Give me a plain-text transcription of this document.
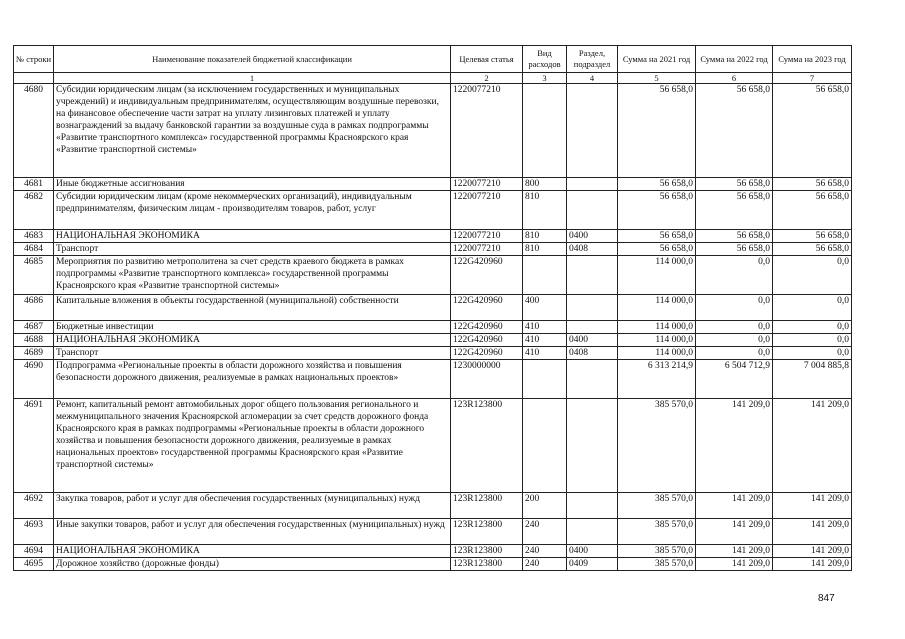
№ строки	Наименование показателей бюджетной классификации	Целевая статья	Вид расходов	Раздел, подраздел	Сумма на 2021 год	Сумма на 2022 год	Сумма на 2023 год
	1	2	3	4	5	6	7
4680	Субсидии юридическим лицам (за исключением государственных и муниципальных учреждений) и индивидуальным предпринимателям, осуществляющим воздушные перевозки, на финансовое обеспечение части затрат на уплату лизинговых платежей и уплату вознаграждений за выдачу банковской гарантии за воздушные суда в рамках подпрограммы «Развитие транспортного комплекса» государственной программы Красноярского края «Развитие транспортной системы»	1220077210			56 658,0	56 658,0	56 658,0
4681	Иные бюджетные ассигнования	1220077210	800		56 658,0	56 658,0	56 658,0
4682	Субсидии юридическим лицам (кроме некоммерческих организаций), индивидуальным предпринимателям, физическим лицам - производителям товаров, работ, услуг	1220077210	810		56 658,0	56 658,0	56 658,0
4683	НАЦИОНАЛЬНАЯ ЭКОНОМИКА	1220077210	810	0400	56 658,0	56 658,0	56 658,0
4684	Транспорт	1220077210	810	0408	56 658,0	56 658,0	56 658,0
4685	Мероприятия по развитию метрополитена за счет средств краевого бюджета в рамках подпрограммы «Развитие транспортного комплекса» государственной программы Красноярского края «Развитие транспортной системы»	122G420960			114 000,0	0,0	0,0
4686	Капитальные вложения в объекты государственной (муниципальной) собственности	122G420960	400		114 000,0	0,0	0,0
4687	Бюджетные инвестиции	122G420960	410		114 000,0	0,0	0,0
4688	НАЦИОНАЛЬНАЯ ЭКОНОМИКА	122G420960	410	0400	114 000,0	0,0	0,0
4689	Транспорт	122G420960	410	0408	114 000,0	0,0	0,0
4690	Подпрограмма «Региональные проекты в области дорожного хозяйства и повышения безопасности дорожного движения, реализуемые в рамках национальных проектов»	1230000000			6 313 214,9	6 504 712,9	7 004 885,8
4691	Ремонт, капитальный ремонт автомобильных дорог общего пользования регионального и межмуниципального значения Красноярской агломерации за счет средств дорожного фонда Красноярского края в рамках подпрограммы «Региональные проекты в области дорожного хозяйства и повышения безопасности дорожного движения, реализуемые в рамках национальных проектов» государственной программы Красноярского края «Развитие транспортной системы»	123R123800			385 570,0	141 209,0	141 209,0
4692	Закупка товаров, работ и услуг для обеспечения государственных (муниципальных) нужд	123R123800	200		385 570,0	141 209,0	141 209,0
4693	Иные закупки товаров, работ и услуг для обеспечения государственных (муниципальных) нужд	123R123800	240		385 570,0	141 209,0	141 209,0
4694	НАЦИОНАЛЬНАЯ ЭКОНОМИКА	123R123800	240	0400	385 570,0	141 209,0	141 209,0
4695	Дорожное хозяйство (дорожные фонды)	123R123800	240	0409	385 570,0	141 209,0	141 209,0
847
